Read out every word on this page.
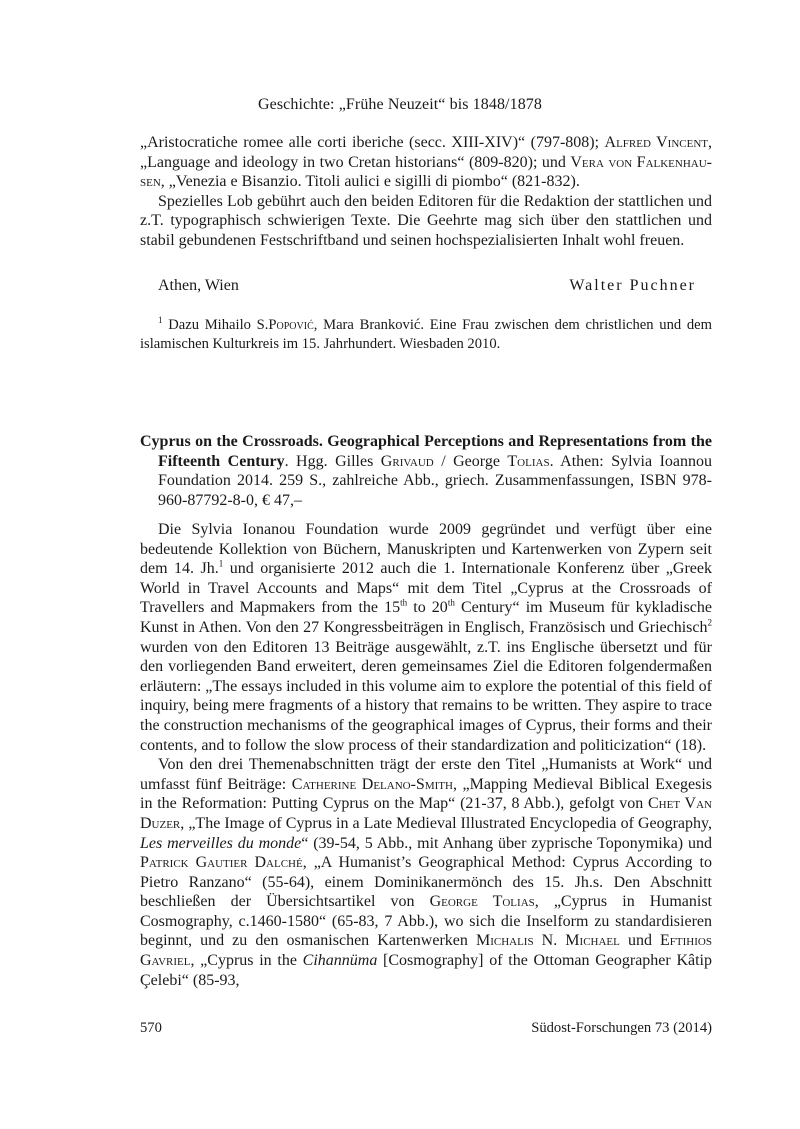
Geschichte: „Frühe Neuzeit“ bis 1848/1878

„Aristocratiche romee alle corti iberiche (secc. XIII-XIV)“ (797-808); Alfred Vincent, „Language and ideology in two Cretan historians“ (809-820); und Vera von Falkenhau-sen, „Venezia e Bisanzio. Titoli aulici e sigilli di piombo“ (821-832).

Spezielles Lob gebührt auch den beiden Editoren für die Redaktion der stattlichen und z.T. typographisch schwierigen Texte. Die Geehrte mag sich über den stattlichen und stabil gebundenen Festschriftband und seinen hochspezialisierten Inhalt wohl freuen.

Athen, Wien	Walter Puchner

$^1$ Dazu Mihailo S.Popović, Mara Branković. Eine Frau zwischen dem christlichen und dem islamischen Kulturkreis im 15. Jahrhundert. Wiesbaden 2010.

Cyprus on the Crossroads. Geographical Perceptions and Representations from the Fifteenth Century. Hgg. Gilles Grivaud / George Tolias. Athen: Sylvia Ioannou Foundation 2014. 259 S., zahlreiche Abb., griech. Zusammenfassungen, ISBN 978-960-87792-8-0, € 47,–

Die Sylvia Ionanou Foundation wurde 2009 gegründet und verfügt über eine bedeutende Kollektion von Büchern, Manuskripten und Kartenwerken von Zypern seit dem 14. Jh.$^1$ und organisierte 2012 auch die 1. Internationale Konferenz über „Greek World in Travel Accounts and Maps“ mit dem Titel „Cyprus at the Crossroads of Travellers and Mapmakers from the 15th to 20th Century“ im Museum für kykladische Kunst in Athen. Von den 27 Kongressbeiträgen in Englisch, Französisch und Griechisch$^2$ wurden von den Editoren 13 Beiträge ausgewählt, z.T. ins Englische übersetzt und für den vorliegenden Band erweitert, deren gemeinsames Ziel die Editoren folgendermaßen erläutern: „The essays included in this volume aim to explore the potential of this field of inquiry, being mere fragments of a history that remains to be written. They aspire to trace the construction mechanisms of the geographical images of Cyprus, their forms and their contents, and to follow the slow process of their standardization and politicization“ (18).

Von den drei Themenabschnitten trägt der erste den Titel „Humanists at Work“ und umfasst fünf Beiträge: Catherine Delano-Smith, „Mapping Medieval Biblical Exegesis in the Reformation: Putting Cyprus on the Map“ (21-37, 8 Abb.), gefolgt von Chet Van Duzer, „The Image of Cyprus in a Late Medieval Illustrated Encyclopedia of Geography, Les merveilles du monde“ (39-54, 5 Abb., mit Anhang über zyprische Toponymika) und Patrick Gautier Dalché, „A Humanist’s Geographical Method: Cyprus According to Pietro Ranzano“ (55-64), einem Dominikanermönch des 15. Jh.s. Den Abschnitt beschließen der Übersichtsartikel von George Tolias, „Cyprus in Humanist Cosmography, c.1460-1580“ (65-83, 7 Abb.), wo sich die Inselform zu standardisieren beginnt, und zu den osmanischen Kartenwerken Michalis N. Michael und Eftihios Gavriel, „Cyprus in the Cihannüma [Cosmography] of the Ottoman Geographer Kâtip Çelebi“ (85-93,

570	Südost-Forschungen 73 (2014)
